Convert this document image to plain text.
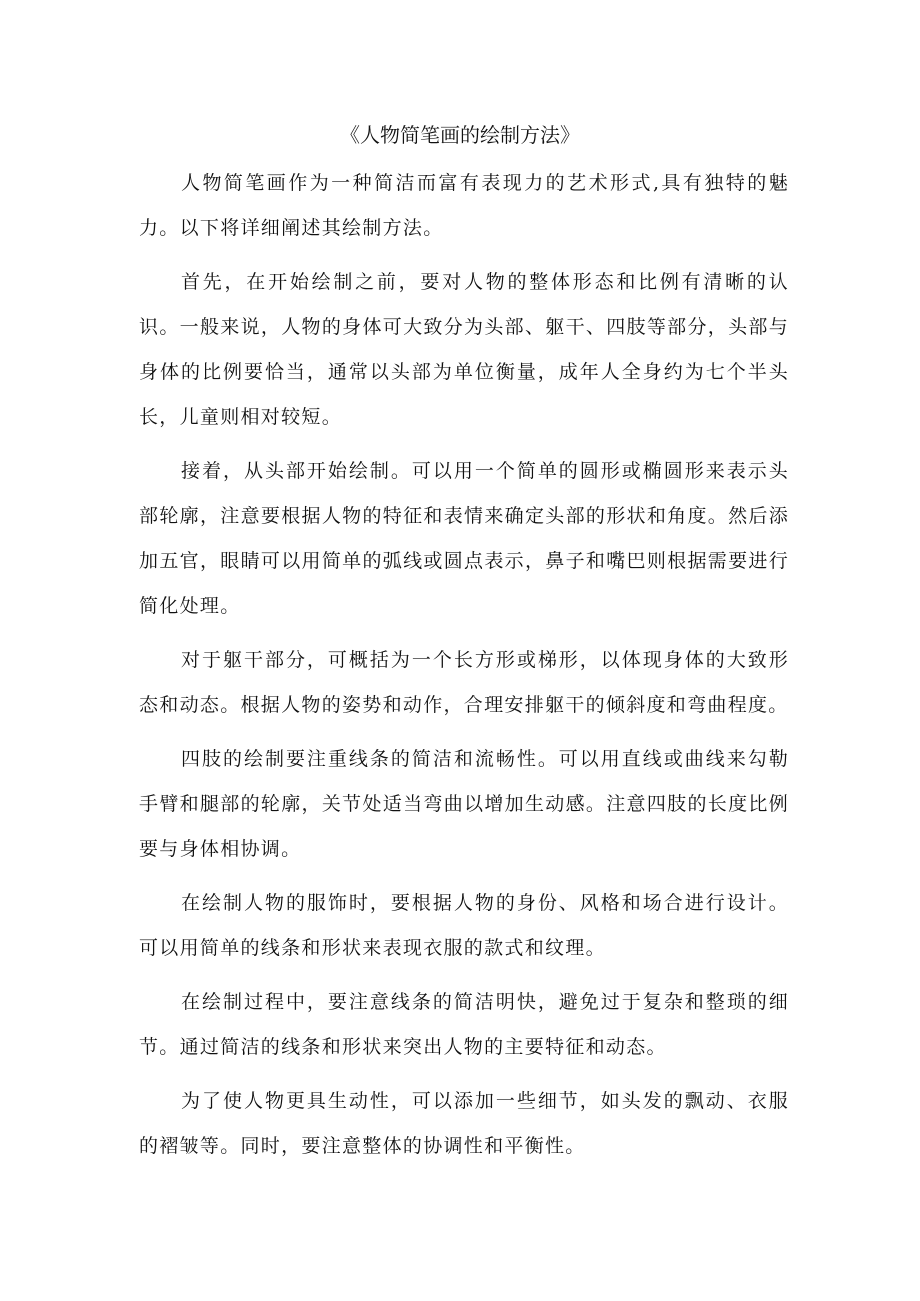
《人物简笔画的绘制方法》

人物简笔画作为一种简洁而富有表现力的艺术形式,具有独特的魅力。以下将详细阐述其绘制方法。

首先，在开始绘制之前，要对人物的整体形态和比例有清晰的认识。一般来说，人物的身体可大致分为头部、躯干、四肢等部分，头部与身体的比例要恰当，通常以头部为单位衡量，成年人全身约为七个半头长，儿童则相对较短。

接着，从头部开始绘制。可以用一个简单的圆形或椭圆形来表示头部轮廓，注意要根据人物的特征和表情来确定头部的形状和角度。然后添加五官，眼睛可以用简单的弧线或圆点表示，鼻子和嘴巴则根据需要进行简化处理。

对于躯干部分，可概括为一个长方形或梯形，以体现身体的大致形态和动态。根据人物的姿势和动作，合理安排躯干的倾斜度和弯曲程度。

四肢的绘制要注重线条的简洁和流畅性。可以用直线或曲线来勾勒手臂和腿部的轮廓，关节处适当弯曲以增加生动感。注意四肢的长度比例要与身体相协调。

在绘制人物的服饰时，要根据人物的身份、风格和场合进行设计。可以用简单的线条和形状来表现衣服的款式和纹理。

在绘制过程中，要注意线条的简洁明快，避免过于复杂和整琐的细节。通过简洁的线条和形状来突出人物的主要特征和动态。

为了使人物更具生动性，可以添加一些细节，如头发的飘动、衣服的褶皱等。同时，要注意整体的协调性和平衡性。
